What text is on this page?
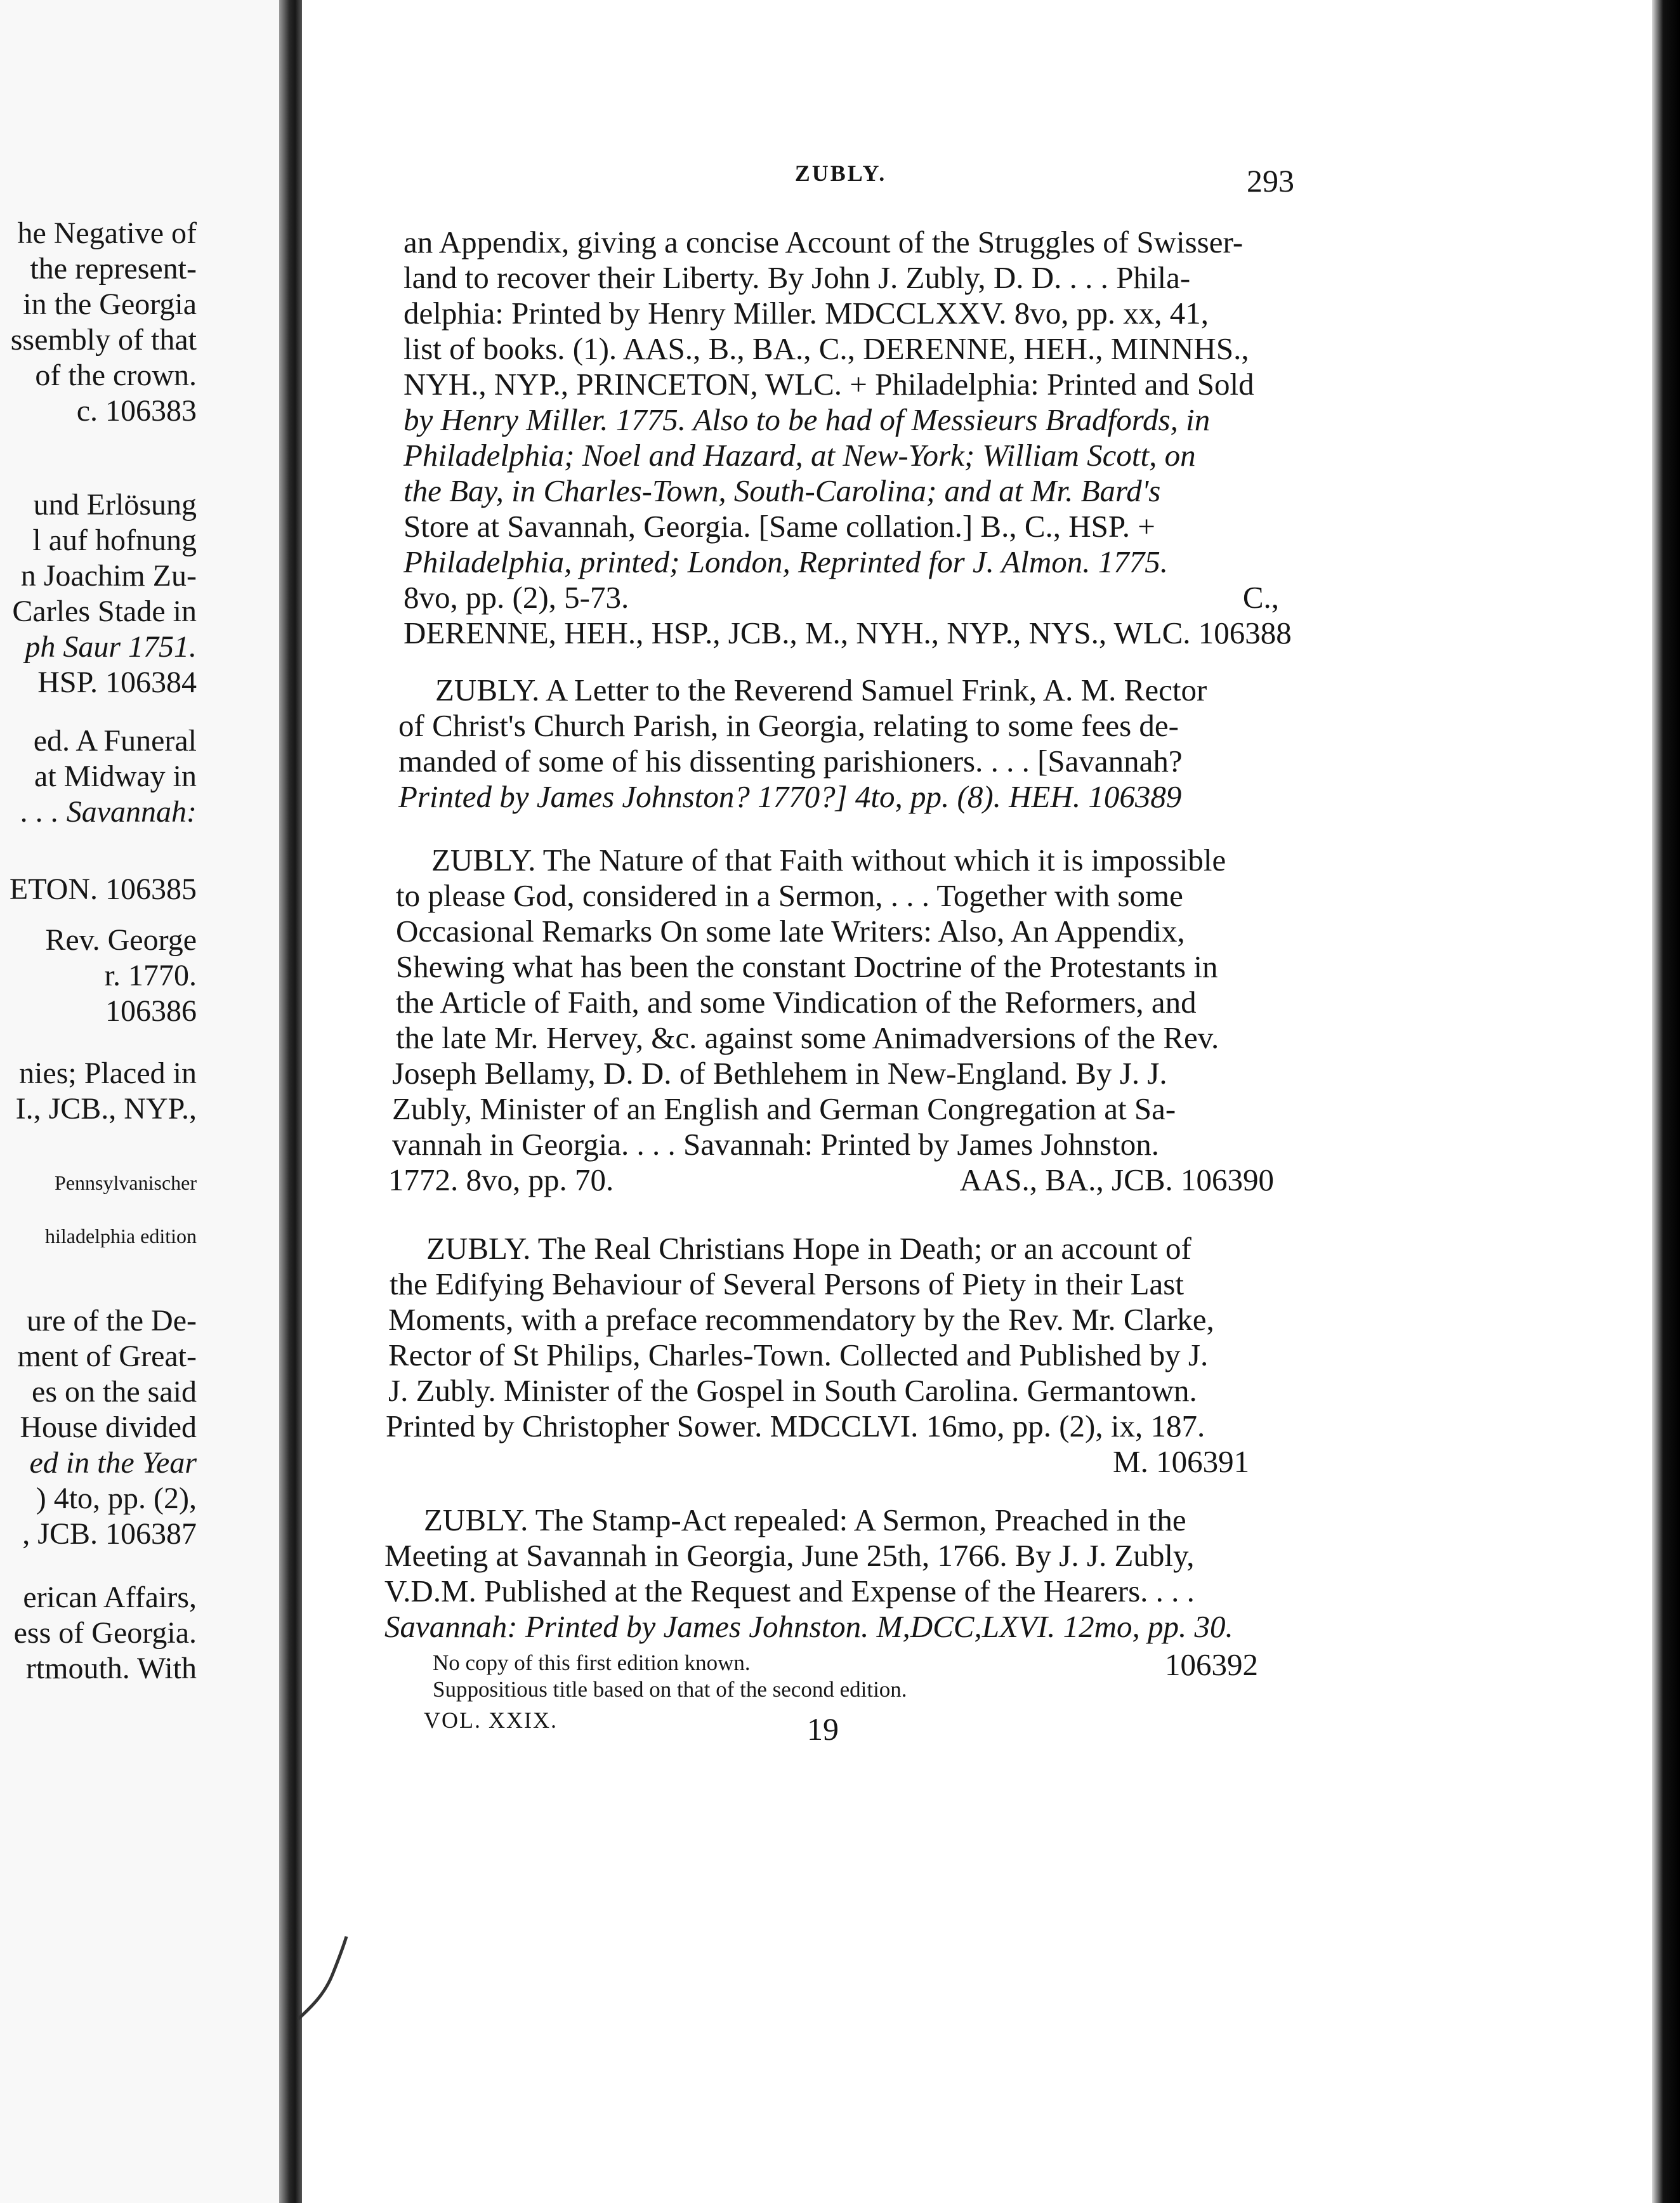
he Negative of
the represent-
in the Georgia
ssembly of that
of the crown.
c. 106383
und Erlösung
l auf hofnung
n Joachim Zu-
Carles Stade in
ph Saur 1751.
HSP. 106384
ed. A Funeral
at Midway in
. . . Savannah:
ETON. 106385
Rev. George
r. 1770.
106386
nies; Placed in
I., JCB., NYP.,
Pennsylvanischer
hiladelphia edition
ure of the De-
ment of Great-
es on the said
House divided
ed in the Year
) 4to, pp. (2),
, JCB. 106387
erican Affairs,
ess of Georgia.
rtmouth. With
ZUBLY.	293
an Appendix, giving a concise Account of the Struggles of Swisser-
land to recover their Liberty. By John J. Zubly, D. D. . . . Phila-
delphia: Printed by Henry Miller. MDCCLXXV. 8vo, pp. xx, 41,
list of books. (1). AAS., B., BA., C., DERENNE, HEH., MINNHS.,
NYH., NYP., PRINCETON, WLC. + Philadelphia: Printed and Sold
by Henry Miller. 1775. Also to be had of Messieurs Bradfords, in
Philadelphia; Noel and Hazard, at New-York; William Scott, on
the Bay, in Charles-Town, South-Carolina; and at Mr. Bard's
Store at Savannah, Georgia. [Same collation.] B., C., HSP. +
Philadelphia, printed; London, Reprinted for J. Almon. 1775.
8vo, pp. (2), 5-73.	C.,
DERENNE, HEH., HSP., JCB., M., NYH., NYP., NYS., WLC. 106388
ZUBLY. A Letter to the Reverend Samuel Frink, A. M. Rector
of Christ's Church Parish, in Georgia, relating to some fees de-
manded of some of his dissenting parishioners. . . . [Savannah?
Printed by James Johnston? 1770?] 4to, pp. (8). HEH. 106389
ZUBLY. The Nature of that Faith without which it is impossible
to please God, considered in a Sermon, . . . Together with some
Occasional Remarks On some late Writers: Also, An Appendix,
Shewing what has been the constant Doctrine of the Protestants in
the Article of Faith, and some Vindication of the Reformers, and
the late Mr. Hervey, &c. against some Animadversions of the Rev.
Joseph Bellamy, D. D. of Bethlehem in New-England. By J. J.
Zubly, Minister of an English and German Congregation at Sa-
vannah in Georgia. . . . Savannah: Printed by James Johnston.
1772. 8vo, pp. 70.	AAS., BA., JCB. 106390
ZUBLY. The Real Christians Hope in Death; or an account of
the Edifying Behaviour of Several Persons of Piety in their Last
Moments, with a preface recommendatory by the Rev. Mr. Clarke,
Rector of St Philips, Charles-Town. Collected and Published by J.
J. Zubly. Minister of the Gospel in South Carolina. Germantown.
Printed by Christopher Sower. MDCCLVI. 16mo, pp. (2), ix, 187.
M. 106391
ZUBLY. The Stamp-Act repealed: A Sermon, Preached in the
Meeting at Savannah in Georgia, June 25th, 1766. By J. J. Zubly,
V.D.M. Published at the Request and Expense of the Hearers. . . .
Savannah: Printed by James Johnston. M,DCC,LXVI. 12mo, pp. 30.
No copy of this first edition known.	106392
Suppositious title based on that of the second edition.
VOL. XXIX.	19
